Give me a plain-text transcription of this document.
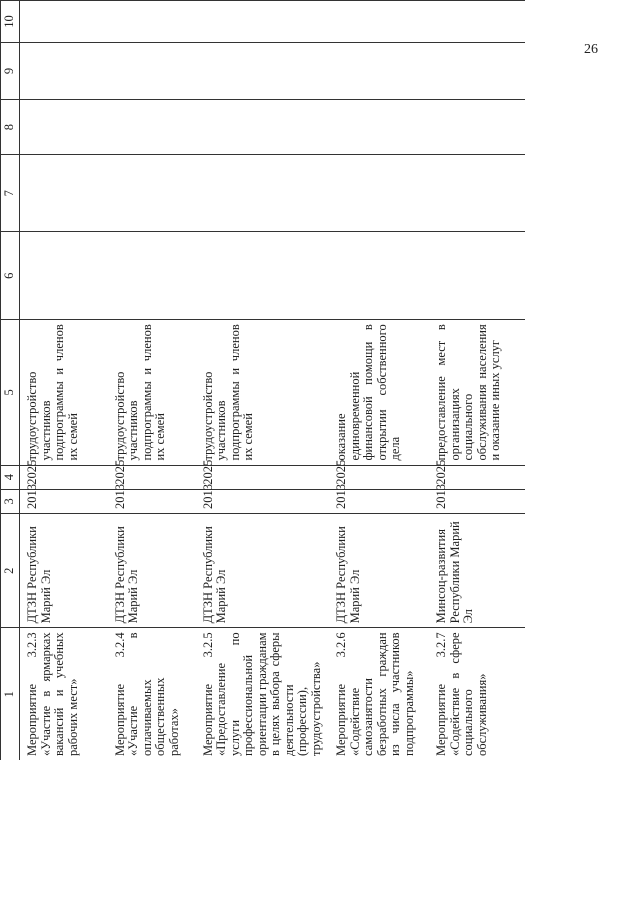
26
1	2	3	4	5	6	7	8	9	10
Мероприятие 3.2.3 «Участие в ярмарках вакансий и учебных рабочих мест»	ДТЗН Республики Марий Эл	2013	2025	трудоустройство участников подпрограммы и членов их семей					
Мероприятие 3.2.4 «Участие в оплачиваемых общественных работах»	ДТЗН Республики Марий Эл	2013	2025	трудоустройство участников подпрограммы и членов их семей					
Мероприятие 3.2.5 «Предоставление услуги по профессиональной ориентации гражданам в целях выбора сферы деятельности (профессии), трудоустройства»	ДТЗН Республики Марий Эл	2013	2025	трудоустройство участников подпрограммы и членов их семей					
Мероприятие 3.2.6 «Содействие самозанятости безработных граждан из числа участников подпрограммы»	ДТЗН Республики Марий Эл	2013	2025	оказание единовременной финансовой помощи в открытии собственного дела					
Мероприятие 3.2.7 «Содействие в сфере социального обслуживания»	Минсоц-развития Республики Марий Эл	2013	2025	предоставление мест в организациях социального обслуживания населения и оказание иных услуг					
